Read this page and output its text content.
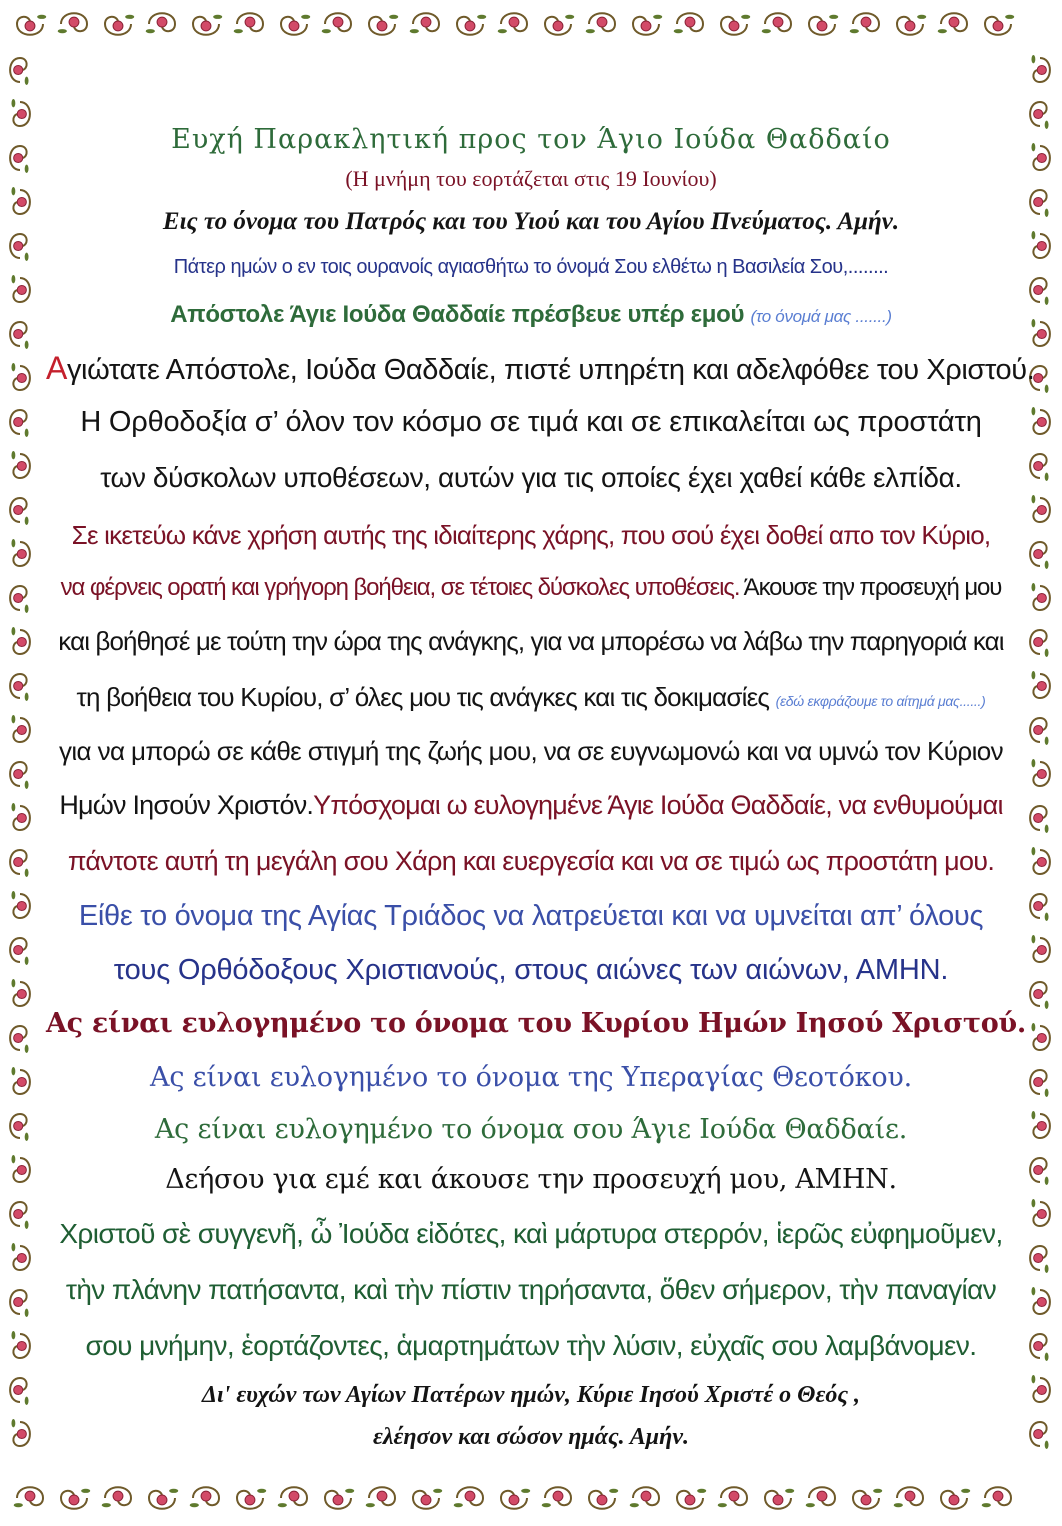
Ευχή Παρακλητική προς τον Άγιο Ιούδα Θαδδαίο
(Η μνήμη του εορτάζεται στις 19 Ιουνίου)
Εις το όνομα του Πατρός και του Υιού και του Αγίου Πνεύματος. Αμήν.
Πάτερ ημών ο εν τοις ουρανοίς αγιασθήτω το όνομά Σου ελθέτω η Βασιλεία Σου,........
Απόστολε Άγιε Ιούδα Θαδδαίε πρέσβευε υπέρ εμού (το όνομά μας .......)
Αγιώτατε Απόστολε, Ιούδα Θαδδαίε, πιστέ υπηρέτη και αδελφόθεε του Χριστού.
Η Ορθοδοξία σ’ όλον τον κόσμο σε τιμά και σε επικαλείται ως προστάτη
των δύσκολων υποθέσεων, αυτών για τις οποίες έχει χαθεί κάθε ελπίδα.
Σε ικετεύω κάνε χρήση αυτής της ιδιαίτερης χάρης, που σού έχει δοθεί απο τον Κύριο,
να φέρνεις ορατή και γρήγορη βοήθεια, σε τέτοιες δύσκολες υποθέσεις. Άκουσε την προσευχή μου
και βοήθησέ με τούτη την ώρα της ανάγκης, για να μπορέσω να λάβω την παρηγοριά και
τη βοήθεια του Κυρίου, σ’ όλες μου τις ανάγκες και τις δοκιμασίες (εδώ εκφράζουμε το αίτημά μας......)
για να μπορώ σε κάθε στιγμή της ζωής μου, να σε ευγνωμονώ και να υμνώ τον Κύριον
Ημών Ιησούν Χριστόν.Υπόσχομαι ω ευλογημένε Άγιε Ιούδα Θαδδαίε, να ενθυμούμαι
πάντοτε αυτή τη μεγάλη σου Χάρη και ευεργεσία και να σε τιμώ ως προστάτη μου.
Είθε το όνομα της Αγίας Τριάδος να λατρεύεται και να υμνείται απ’ όλους
τους Ορθόδοξους Χριστιανούς, στους αιώνες των αιώνων, ΑΜΗΝ.
Ας είναι ευλογημένο το όνομα του Κυρίου Ημών Ιησού Χριστού.
Ας είναι ευλογημένο το όνομα της Υπεραγίας Θεοτόκου.
Ας είναι ευλογημένο το όνομα σου Άγιε Ιούδα Θαδδαίε.
Δεήσου για εμέ και άκουσε την προσευχή μου, ΑΜΗΝ.
Χριστοῦ σὲ συγγενῆ, ὦ Ἰούδα εἰδότες, καὶ μάρτυρα στερρόν, ἱερῶς εὐφημοῦμεν,
τὴν πλάνην πατήσαντα, καὶ τὴν πίστιν τηρήσαντα, ὅθεν σήμερον, τὴν παναγίαν
σου μνήμην, ἑορτάζοντες, ἁμαρτημάτων τὴν λύσιν, εὐχαῖς σου λαμβάνομεν.
Δι' ευχών των Αγίων Πατέρων ημών, Κύριε Ιησού Χριστέ ο Θεός ,
ελέησον και σώσον ημάς. Αμήν.
